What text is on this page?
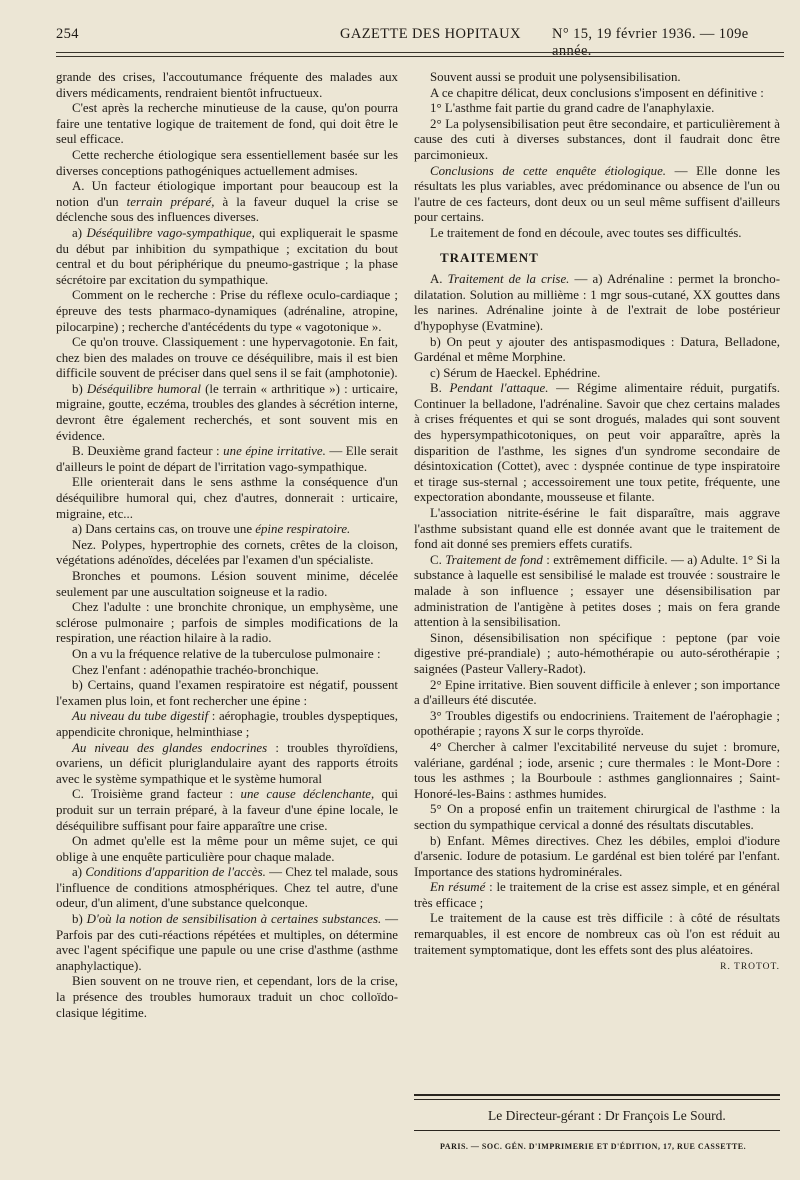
254	GAZETTE DES HOPITAUX N° 15, 19 février 1936. — 109e année.

grande des crises, l'accoutumance fréquente des malades aux divers médicaments, rendraient bientôt infructueux.

C'est après la recherche minutieuse de la cause, qu'on pourra faire une tentative logique de traitement de fond, qui doit être le seul efficace.

Cette recherche étiologique sera essentiellement basée sur les diverses conceptions pathogéniques actuellement admises.

A. Un facteur étiologique important pour beaucoup est la notion d'un terrain préparé, à la faveur duquel la crise se déclenche sous des influences diverses.

a) Déséquilibre vago-sympathique, qui expliquerait le spasme du début par inhibition du sympathique ; excitation du bout central et du bout périphérique du pneumo-gastrique ; la phase sécrétoire par excitation du sympathique.

Comment on le recherche : Prise du réflexe oculo-cardiaque ; épreuve des tests pharmaco-dynamiques (adrénaline, atropine, pilocarpine) ; recherche d'antécédents du type « vagotonique ».

Ce qu'on trouve. Classiquement : une hypervagotonie. En fait, chez bien des malades on trouve ce déséquilibre, mais il est bien difficile souvent de préciser dans quel sens il se fait (amphotonie).

b) Déséquilibre humoral (le terrain « arthritique ») : urticaire, migraine, goutte, eczéma, troubles des glandes à sécrétion interne, devront être également recherchés, et sont souvent mis en évidence.

B. Deuxième grand facteur : une épine irritative. — Elle serait d'ailleurs le point de départ de l'irritation vago-sympathique.

Elle orienterait dans le sens asthme la conséquence d'un déséquilibre humoral qui, chez d'autres, donnerait : urticaire, migraine, etc...

a) Dans certains cas, on trouve une épine respiratoire.

Nez. Polypes, hypertrophie des cornets, crêtes de la cloison, végétations adénoïdes, décelées par l'examen d'un spécialiste.

Bronches et poumons. Lésion souvent minime, décelée seulement par une auscultation soigneuse et la radio.

Chez l'adulte : une bronchite chronique, un emphysème, une sclérose pulmonaire ; parfois de simples modifications de la respiration, une réaction hilaire à la radio.

On a vu la fréquence relative de la tuberculose pulmonaire :

Chez l'enfant : adénopathie trachéo-bronchique.

b) Certains, quand l'examen respiratoire est négatif, poussent l'examen plus loin, et font rechercher une épine :

Au niveau du tube digestif : aérophagie, troubles dyspeptiques, appendicite chronique, helminthiase ;

Au niveau des glandes endocrines : troubles thyroïdiens, ovariens, un déficit pluriglandulaire ayant des rapports étroits avec le système sympathique et le système humoral

C. Troisième grand facteur : une cause déclenchante, qui produit sur un terrain préparé, à la faveur d'une épine locale, le déséquilibre suffisant pour faire apparaître une crise.

On admet qu'elle est la même pour un même sujet, ce qui oblige à une enquête particulière pour chaque malade.

a) Conditions d'apparition de l'accès. — Chez tel malade, sous l'influence de conditions atmosphériques. Chez tel autre, d'une odeur, d'un aliment, d'une substance quelconque.

b) D'où la notion de sensibilisation à certaines substances. — Parfois par des cuti-réactions répétées et multiples, on détermine avec l'agent spécifique une papule ou une crise d'asthme (asthme anaphylactique).

Bien souvent on ne trouve rien, et cependant, lors de la crise, la présence des troubles humoraux traduit un choc colloïdo-clasique légitime.

Souvent aussi se produit une polysensibilisation.

A ce chapitre délicat, deux conclusions s'imposent en définitive :

1° L'asthme fait partie du grand cadre de l'anaphylaxie.

2° La polysensibilisation peut être secondaire, et particulièrement à cause des cuti à diverses substances, dont il faudrait donc être parcimonieux.

Conclusions de cette enquête étiologique. — Elle donne les résultats les plus variables, avec prédominance ou absence de l'un ou l'autre de ces facteurs, dont deux ou un seul même suffisent d'ailleurs pour certains.

Le traitement de fond en découle, avec toutes ses difficultés.

TRAITEMENT

A. Traitement de la crise. — a) Adrénaline : permet la broncho-dilatation. Solution au millième : 1 mgr sous-cutané, XX gouttes dans les narines. Adrénaline jointe à de l'extrait de lobe postérieur d'hypophyse (Evatmine).

b) On peut y ajouter des antispasmodiques : Datura, Belladone, Gardénal et même Morphine.

c) Sérum de Haeckel. Ephédrine.

B. Pendant l'attaque. — Régime alimentaire réduit, purgatifs. Continuer la belladone, l'adrénaline. Savoir que chez certains malades à crises fréquentes et qui se sont drogués, malades qui sont souvent des hypersympathicotoniques, on peut voir apparaître, après la disparition de l'asthme, les signes d'un syndrome secondaire de désintoxication (Cottet), avec : dyspnée continue de type inspiratoire et tirage sus-sternal ; accessoirement une toux petite, fréquente, une expectoration abondante, mousseuse et filante.

L'association nitrite-ésérine le fait disparaître, mais aggrave l'asthme subsistant quand elle est donnée avant que le traitement de fond ait donné ses premiers effets curatifs.

C. Traitement de fond : extrêmement difficile. — a) Adulte. 1° Si la substance à laquelle est sensibilisé le malade est trouvée : soustraire le malade à son influence ; essayer une désensibilisation par administration de l'antigène à petites doses ; mais on fera grande attention à la sensibilisation.

Sinon, désensibilisation non spécifique : peptone (par voie digestive pré-prandiale) ; auto-hémothérapie ou auto-sérothérapie ; saignées (Pasteur Vallery-Radot).

2° Epine irritative. Bien souvent difficile à enlever ; son importance a d'ailleurs été discutée.

3° Troubles digestifs ou endocriniens. Traitement de l'aérophagie ; opothérapie ; rayons X sur le corps thyroïde.

4° Chercher à calmer l'excitabilité nerveuse du sujet : bromure, valériane, gardénal ; iode, arsenic ; cure thermales : le Mont-Dore : tous les asthmes ; la Bourboule : asthmes ganglionnaires ; Saint-Honoré-les-Bains : asthmes humides.

5° On a proposé enfin un traitement chirurgical de l'asthme : la section du sympathique cervical a donné des résultats discutables.

b) Enfant. Mêmes directives. Chez les débiles, emploi d'iodure d'arsenic. Iodure de potasium. Le gardénal est bien toléré par l'enfant. Importance des stations hydrominérales.

En résumé : le traitement de la crise est assez simple, et en général très efficace ;

Le traitement de la cause est très difficile : à côté de résultats remarquables, il est encore de nombreux cas où l'on est réduit au traitement symptomatique, dont les effets sont des plus aléatoires.
R. TROTOT.

Le Directeur-gérant : Dr François Le Sourd.
PARIS. — SOC. GÉN. D'IMPRIMERIE ET D'ÉDITION, 17, RUE CASSETTE.
